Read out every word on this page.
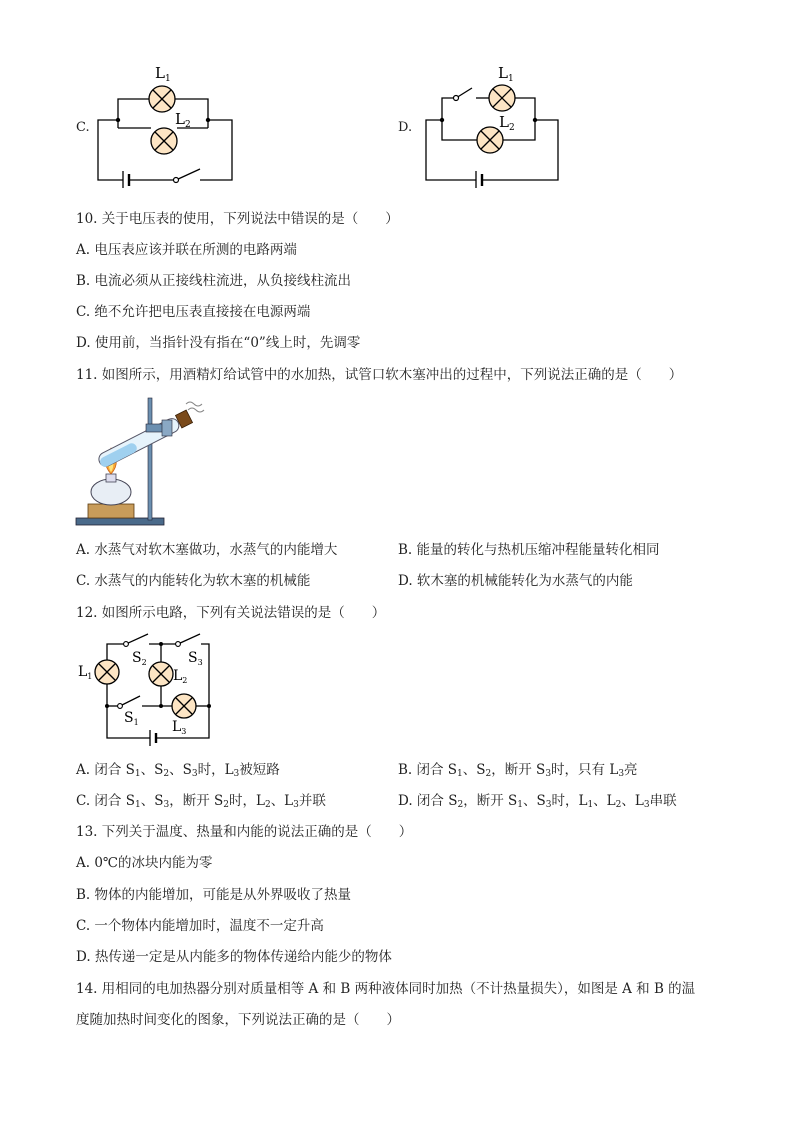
C.
$L_1$
$L_2$	D.
$L_1$
$L_2$
10. 关于电压表的使用，下列说法中错误的是（　　）
A. 电压表应该并联在所测的电路两端
B. 电流必须从正接线柱流进，从负接线柱流出
C. 绝不允许把电压表直接接在电源两端
D. 使用前，当指针没有指在“0”线上时，先调零
11. 如图所示，用酒精灯给试管中的水加热，试管口软木塞冲出的过程中，下列说法正确的是（　　）
A. 水蒸气对软木塞做功，水蒸气的内能增大	B. 能量的转化与热机压缩冲程能量转化相同
C. 水蒸气的内能转化为软木塞的机械能	D. 软木塞的机械能转化为水蒸气的内能
12. 如图所示电路，下列有关说法错误的是（　　）
$L_1$
$S_2$
$L_2$
$S_3$
$S_1$ $L_3$
A. 闭合 $S_1$、$S_2$、$S_3$时，$L_3$被短路	B. 闭合 $S_1$、$S_2$，断开 $S_3$时，只有 $L_3$亮
C. 闭合 $S_1$、$S_3$，断开 $S_2$时，$L_2$、$L_3$并联	D. 闭合 $S_2$，断开 $S_1$、$S_3$时，$L_1$、$L_2$、$L_3$串联
13. 下列关于温度、热量和内能的说法正确的是（　　）
A. 0℃的冰块内能为零
B. 物体的内能增加，可能是从外界吸收了热量
C. 一个物体内能增加时，温度不一定升高
D. 热传递一定是从内能多的物体传递给内能少的物体
14. 用相同的电加热器分别对质量相等 A 和 B 两种液体同时加热（不计热量损失），如图是 A 和 B 的温
度随加热时间变化的图象，下列说法正确的是（　　）
